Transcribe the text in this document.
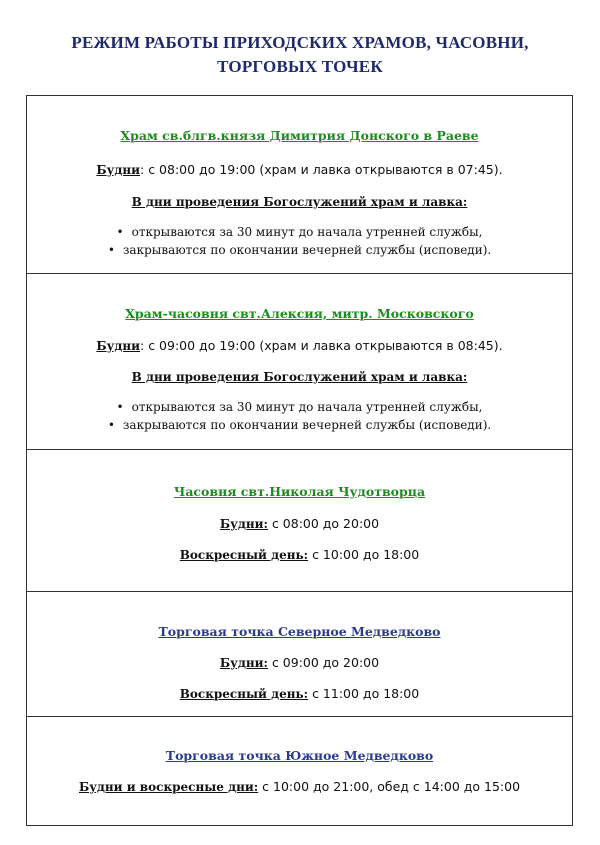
РЕЖИМ РАБОТЫ ПРИХОДСКИХ ХРАМОВ, ЧАСОВНИ,
ТОРГОВЫХ ТОЧЕК
Храм св.блгв.князя Димитрия Донского в Раеве
Будни: с 08:00 до 19:00 (храм и лавка открываются в 07:45).
В дни проведения Богослужений храм и лавка:
• открываются за 30 минут до начала утренней службы,
• закрываются по окончании вечерней службы (исповеди).
Храм-часовня свт.Алексия, митр. Московского
Будни: с 09:00 до 19:00 (храм и лавка открываются в 08:45).
В дни проведения Богослужений храм и лавка:
• открываются за 30 минут до начала утренней службы,
• закрываются по окончании вечерней службы (исповеди).
Часовня свт.Николая Чудотворца
Будни: с 08:00 до 20:00
Воскресный день: с 10:00 до 18:00
Торговая точка Северное Медведково
Будни: с 09:00 до 20:00
Воскресный день: с 11:00 до 18:00
Торговая точка Южное Медведково
Будни и воскресные дни: с 10:00 до 21:00, обед с 14:00 до 15:00
